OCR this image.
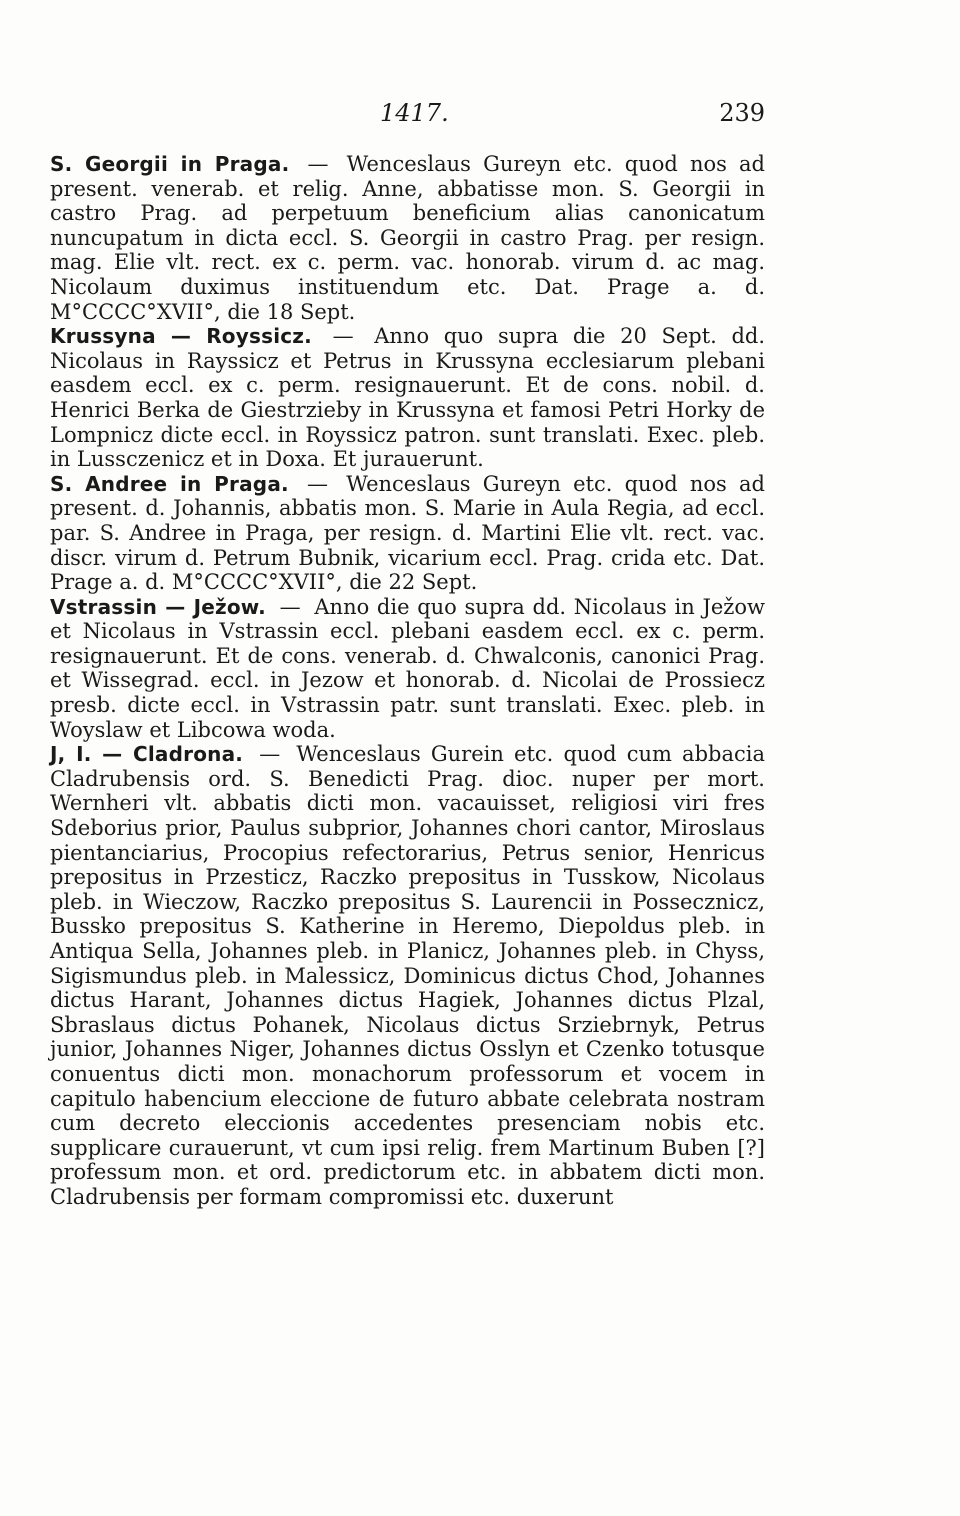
1417.	239

S. Georgii in Praga. — Wenceslaus Gureyn etc. quod nos ad present. venerab. et relig. Anne, abbatisse mon. S. Georgii in castro Prag. ad perpetuum beneficium alias canonicatum nuncupatum in dicta eccl. S. Georgii in castro Prag. per resign. mag. Elie vlt. rect. ex c. perm. vac. honorab. virum d. ac mag. Nicolaum duximus instituendum etc. Dat. Prage a. d. M°CCCC°XVII°, die 18 Sept.

Krussyna — Royssicz. — Anno quo supra die 20 Sept. dd. Nicolaus in Rayssicz et Petrus in Krussyna ecclesiarum plebani easdem eccl. ex c. perm. resignauerunt. Et de cons. nobil. d. Henrici Berka de Giestrzieby in Krussyna et famosi Petri Horky de Lompnicz dicte eccl. in Royssicz patron. sunt translati. Exec. pleb. in Lussczenicz et in Doxa. Et jurauerunt.

S. Andree in Praga. — Wenceslaus Gureyn etc. quod nos ad present. d. Johannis, abbatis mon. S. Marie in Aula Regia, ad eccl. par. S. Andree in Praga, per resign. d. Martini Elie vlt. rect. vac. discr. virum d. Petrum Bubnik, vicarium eccl. Prag. crida etc. Dat. Prage a. d. M°CCCC°XVII°, die 22 Sept.

Vstrassin — Ježow. — Anno die quo supra dd. Nicolaus in Ježow et Nicolaus in Vstrassin eccl. plebani easdem eccl. ex c. perm. resignauerunt. Et de cons. venerab. d. Chwalconis, canonici Prag. et Wissegrad. eccl. in Jezow et honorab. d. Nicolai de Prossiecz presb. dicte eccl. in Vstrassin patr. sunt translati. Exec. pleb. in Woyslaw et Libcowa woda.

J, I. — Cladrona. — Wenceslaus Gurein etc. quod cum abbacia Cladrubensis ord. S. Benedicti Prag. dioc. nuper per mort. Wernheri vlt. abbatis dicti mon. vacauisset, religiosi viri fres Sdeborius prior, Paulus subprior, Johannes chori cantor, Miroslaus pientanciarius, Procopius refectorarius, Petrus senior, Henricus prepositus in Przesticz, Raczko prepositus in Tusskow, Nicolaus pleb. in Wieczow, Raczko prepositus S. Laurencii in Possecznicz, Bussko prepositus S. Katherine in Heremo, Diepoldus pleb. in Antiqua Sella, Johannes pleb. in Planicz, Johannes pleb. in Chyss, Sigismundus pleb. in Malessicz, Dominicus dictus Chod, Johannes dictus Harant, Johannes dictus Hagiek, Johannes dictus Plzal, Sbraslaus dictus Pohanek, Nicolaus dictus Srziebrnyk, Petrus junior, Johannes Niger, Johannes dictus Osslyn et Czenko totusque conuentus dicti mon. monachorum professorum et vocem in capitulo habencium eleccione de futuro abbate celebrata nostram cum decreto eleccionis accedentes presenciam nobis etc. supplicare curauerunt, vt cum ipsi relig. frem Martinum Buben [?] professum mon. et ord. predictorum etc. in abbatem dicti mon. Cladrubensis per formam compromissi etc. duxerunt
